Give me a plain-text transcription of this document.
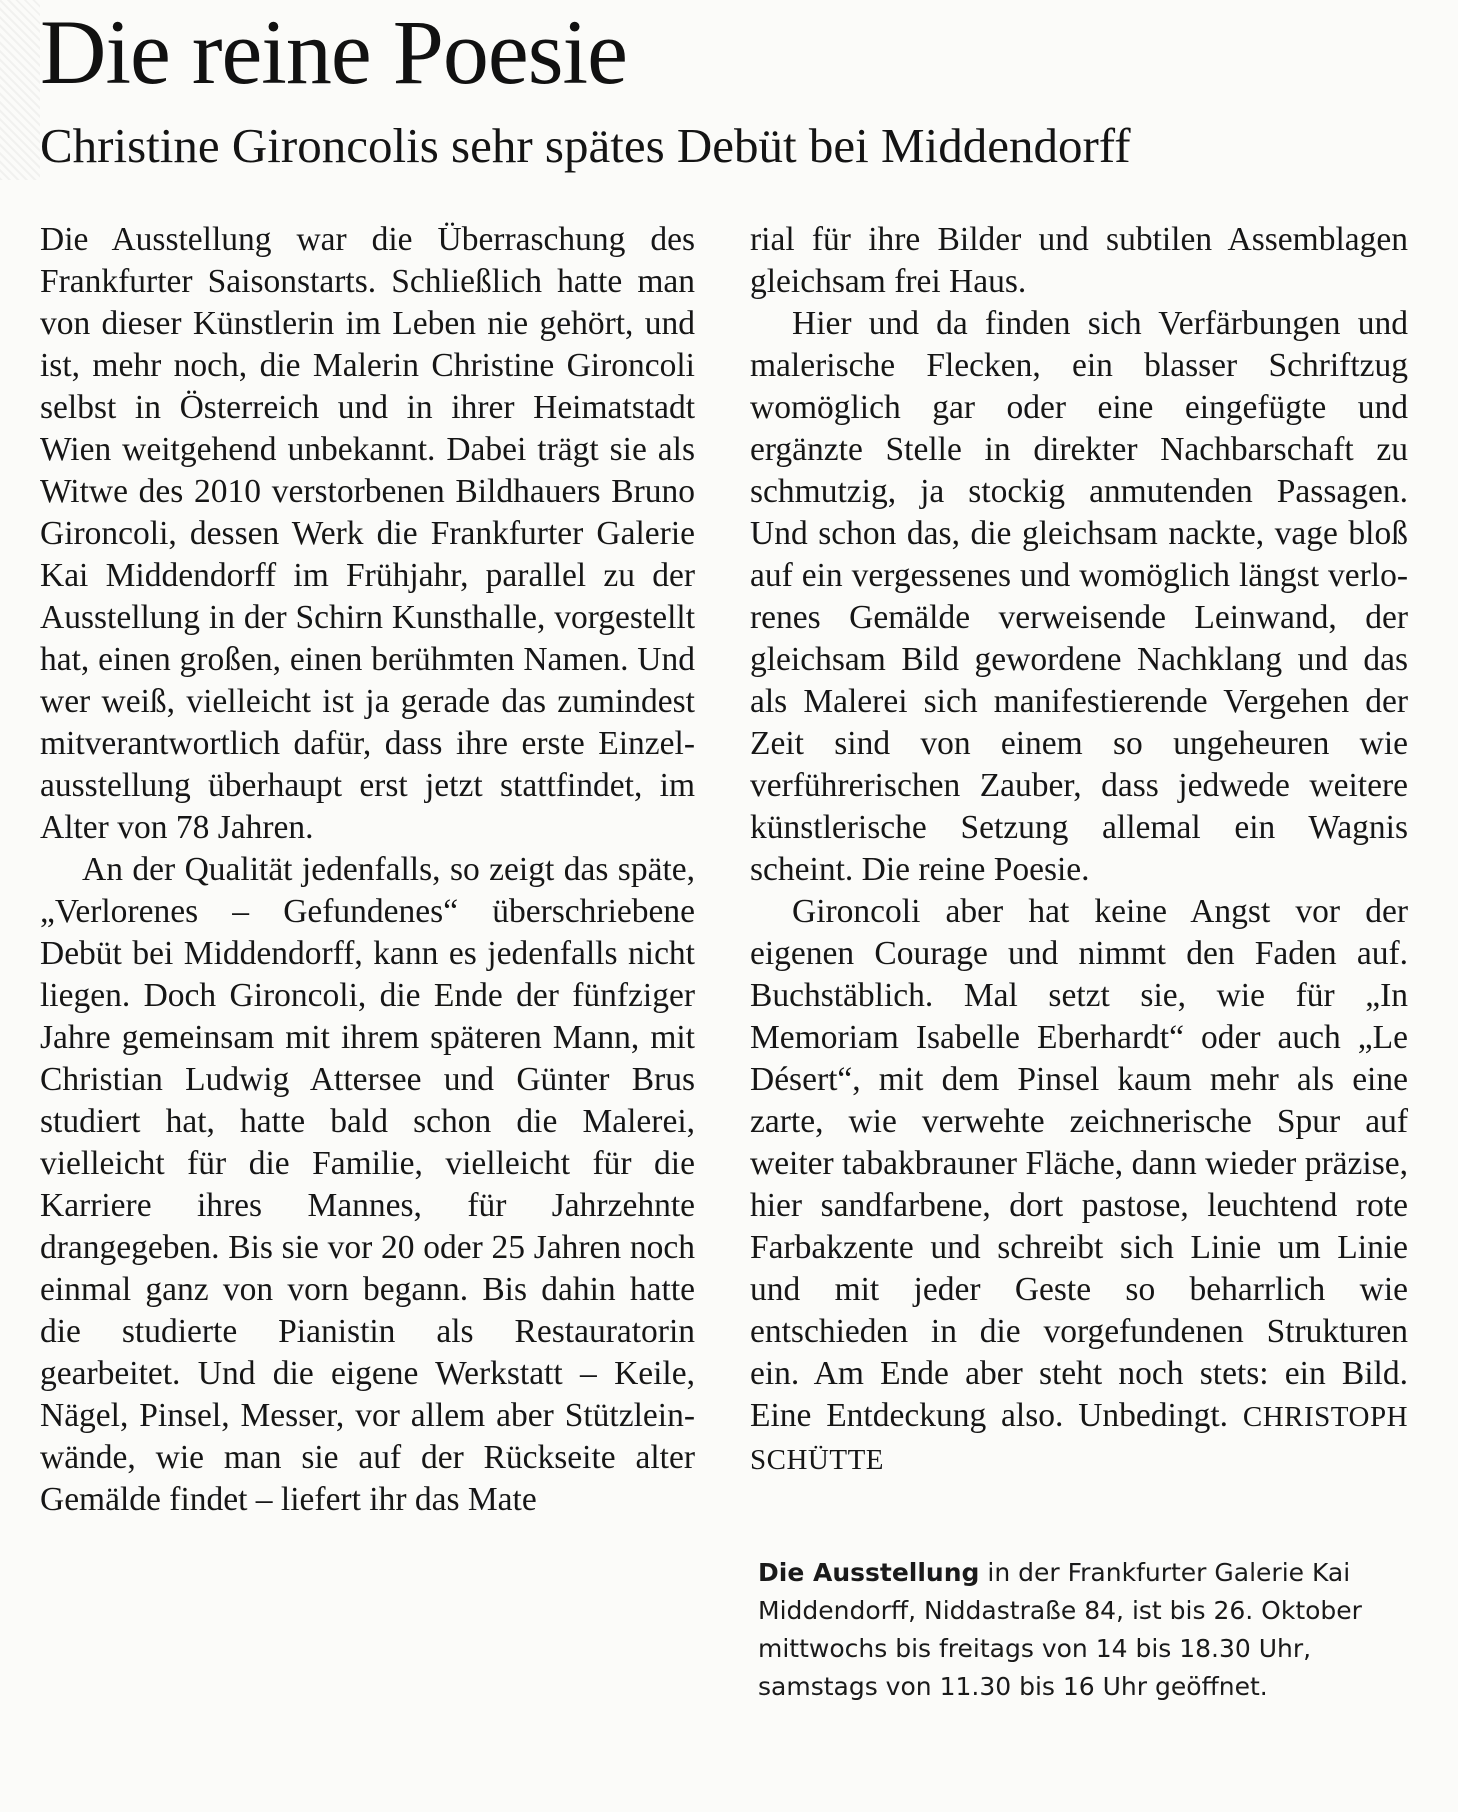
Die reine Poesie
Christine Gironcolis sehr spätes Debüt bei Middendorff

Die Ausstellung war die Überraschung des Frankfurter Saisonstarts. Schließlich hatte man von dieser Künstlerin im Leben nie gehört, und ist, mehr noch, die Malerin Christine Gironcoli selbst in Österreich und in ihrer Heimatstadt Wien weitgehend unbekannt. Dabei trägt sie als Witwe des 2010 verstorbenen Bildhauers Bruno Gironcoli, dessen Werk die Frankfurter Galerie Kai Middendorff im Frühjahr, parallel zu der Ausstellung in der Schirn Kunsthalle, vorgestellt hat, einen großen, einen berühmten Namen. Und wer weiß, vielleicht ist ja gerade das zumindest mitverantwortlich dafür, dass ihre erste Einzelausstellung überhaupt erst jetzt stattfindet, im Alter von 78 Jahren.

An der Qualität jedenfalls, so zeigt das späte, „Verlorenes – Gefundenes“ überschriebene Debüt bei Middendorff, kann es jedenfalls nicht liegen. Doch Gironcoli, die Ende der fünfziger Jahre gemeinsam mit ihrem späteren Mann, mit Christian Ludwig Attersee und Günter Brus studiert hat, hatte bald schon die Malerei, vielleicht für die Familie, vielleicht für die Karriere ihres Mannes, für Jahrzehnte drangegeben. Bis sie vor 20 oder 25 Jahren noch einmal ganz von vorn begann. Bis dahin hatte die studierte Pianistin als Restauratorin gearbeitet. Und die eigene Werkstatt – Keile, Nägel, Pinsel, Messer, vor allem aber Stützleinwände, wie man sie auf der Rückseite alter Gemälde findet – liefert ihr das Mate

rial für ihre Bilder und subtilen Assemblagen gleichsam frei Haus.

Hier und da finden sich Verfärbungen und malerische Flecken, ein blasser Schriftzug womöglich gar oder eine eingefügte und ergänzte Stelle in direkter Nachbarschaft zu schmutzig, ja stockig anmutenden Passagen. Und schon das, die gleichsam nackte, vage bloß auf ein vergessenes und womöglich längst verlorenes Gemälde verweisende Leinwand, der gleichsam Bild gewordene Nachklang und das als Malerei sich manifestierende Vergehen der Zeit sind von einem so ungeheuren wie verführerischen Zauber, dass jedwede weitere künstlerische Setzung allemal ein Wagnis scheint. Die reine Poesie.

Gironcoli aber hat keine Angst vor der eigenen Courage und nimmt den Faden auf. Buchstäblich. Mal setzt sie, wie für „In Memoriam Isabelle Eberhardt“ oder auch „Le Désert“, mit dem Pinsel kaum mehr als eine zarte, wie verwehte zeichnerische Spur auf weiter tabakbrauner Fläche, dann wieder präzise, hier sandfarbene, dort pastose, leuchtend rote Farbakzente und schreibt sich Linie um Linie und mit jeder Geste so beharrlich wie entschieden in die vorgefundenen Strukturen ein. Am Ende aber steht noch stets: ein Bild. Eine Entdeckung also. Unbedingt. CHRISTOPH SCHÜTTE

Die Ausstellung in der Frankfurter Galerie Kai Middendorff, Niddastraße 84, ist bis 26. Oktober mittwochs bis freitags von 14 bis 18.30 Uhr, samstags von 11.30 bis 16 Uhr geöffnet.
